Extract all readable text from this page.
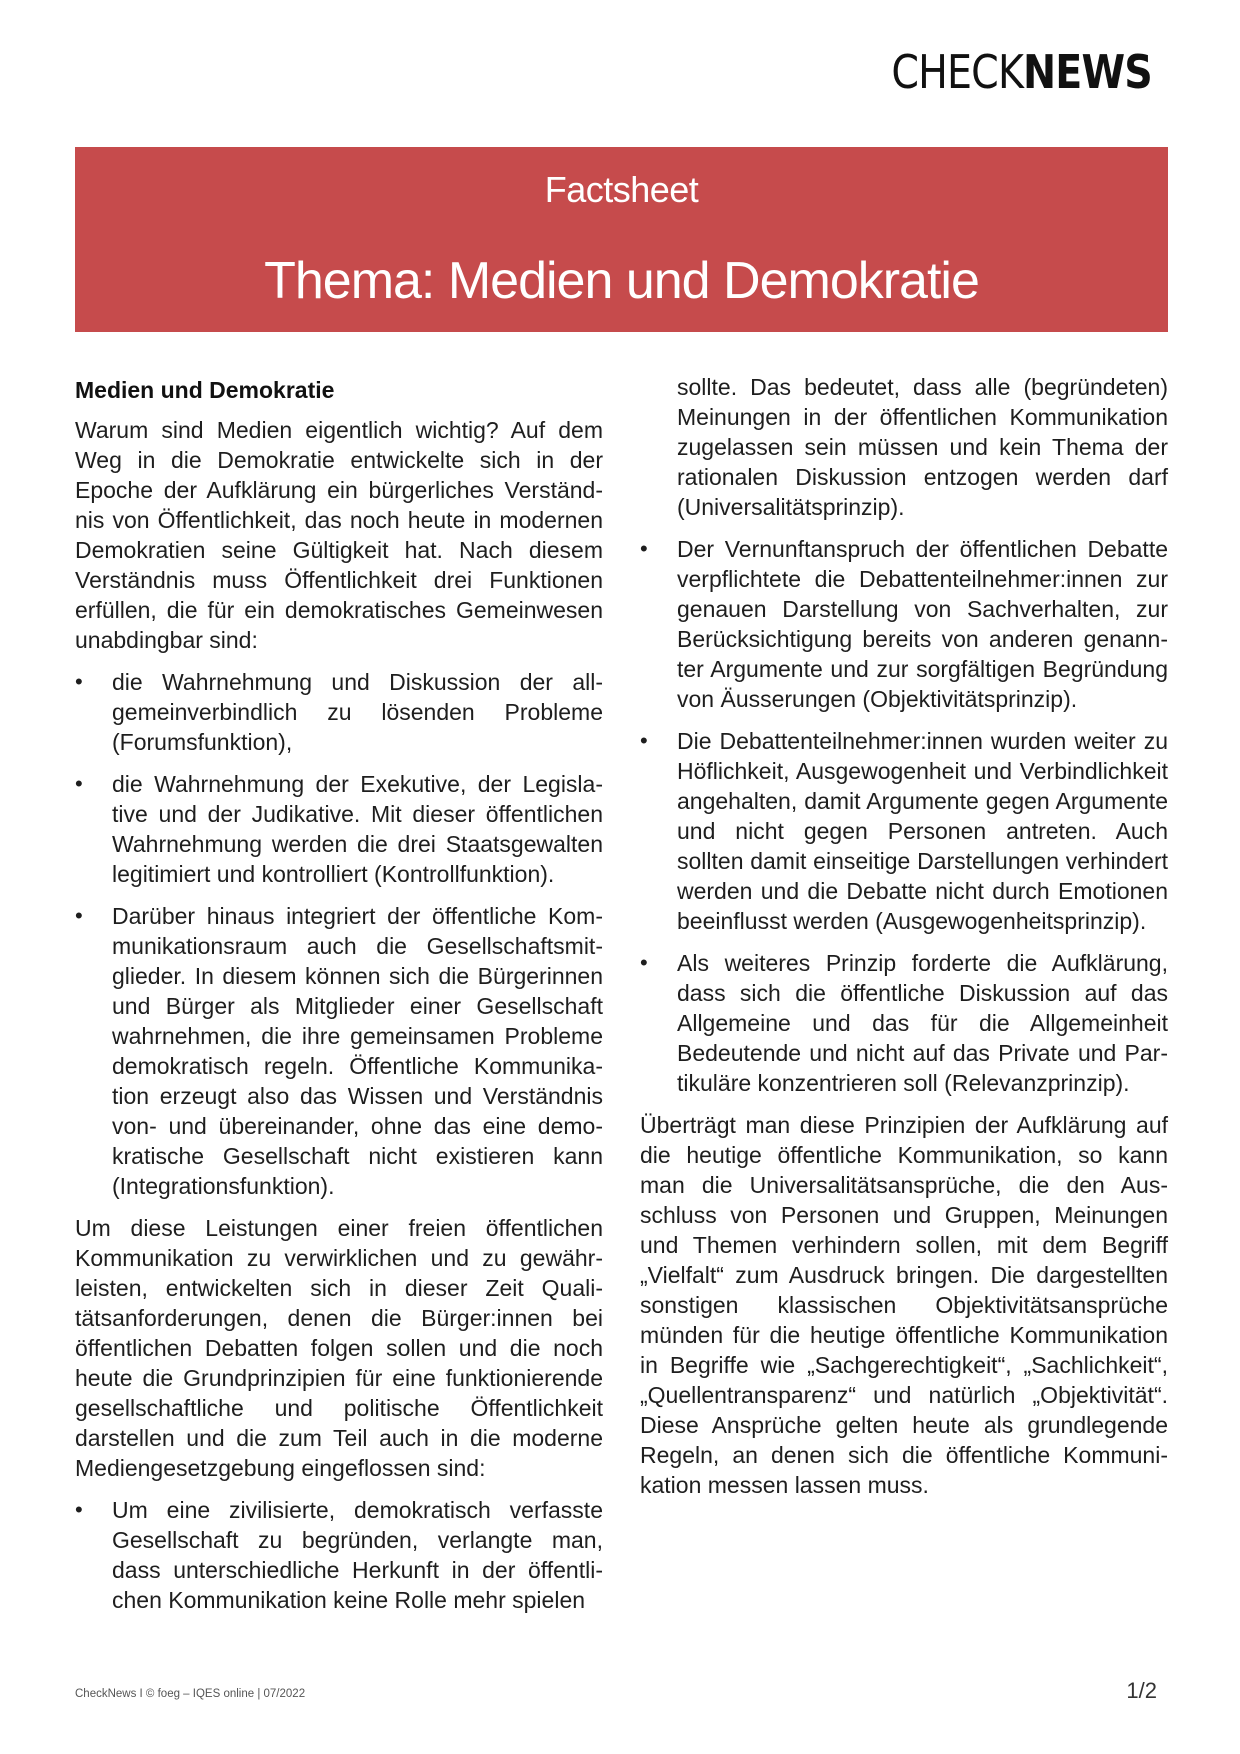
CHECKNEWS
Factsheet
Thema: Medien und Demokratie
Medien und Demokratie

Warum sind Medien eigentlich wichtig? Auf dem Weg in die Demokratie entwickelte sich in der Epoche der Aufklärung ein bürgerliches Verständnis von Öffentlichkeit, das noch heute in modernen Demokratien seine Gültigkeit hat. Nach diesem Verständnis muss Öffentlichkeit drei Funktionen erfüllen, die für ein demokratisches Gemeinwesen unabdingbar sind:

• die Wahrnehmung und Diskussion der allgemeinverbindlich zu lösenden Probleme (Forumsfunktion),
• die Wahrnehmung der Exekutive, der Legislative und der Judikative. Mit dieser öffentlichen Wahrnehmung werden die drei Staatsgewalten legitimiert und kontrolliert (Kontrollfunktion).
• Darüber hinaus integriert der öffentliche Kommunikationsraum auch die Gesellschaftsmitglieder. In diesem können sich die Bürgerinnen und Bürger als Mitglieder einer Gesellschaft wahrnehmen, die ihre gemeinsamen Probleme demokratisch regeln. Öffentliche Kommunikation erzeugt also das Wissen und Verständnis von- und übereinander, ohne das eine demokratische Gesellschaft nicht existieren kann (Integrationsfunktion).

Um diese Leistungen einer freien öffentlichen Kommunikation zu verwirklichen und zu gewährleisten, entwickelten sich in dieser Zeit Qualitätsanforderungen, denen die Bürger:innen bei öffentlichen Debatten folgen sollen und die noch heute die Grundprinzipien für eine funktionierende gesellschaftliche und politische Öffentlichkeit darstellen und die zum Teil auch in die moderne Mediengesetzgebung eingeflossen sind:

• Um eine zivilisierte, demokratisch verfasste Gesellschaft zu begründen, verlangte man, dass unterschiedliche Herkunft in der öffentlichen Kommunikation keine Rolle mehr spielen
sollte. Das bedeutet, dass alle (begründeten) Meinungen in der öffentlichen Kommunikation zugelassen sein müssen und kein Thema der rationalen Diskussion entzogen werden darf (Universalitätsprinzip).
• Der Vernunftanspruch der öffentlichen Debatte verpflichtete die Debattenteilnehmer:innen zur genauen Darstellung von Sachverhalten, zur Berücksichtigung bereits von anderen genannter Argumente und zur sorgfältigen Begründung von Äusserungen (Objektivitätsprinzip).
• Die Debattenteilnehmer:innen wurden weiter zu Höflichkeit, Ausgewogenheit und Verbindlichkeit angehalten, damit Argumente gegen Argumente und nicht gegen Personen antreten. Auch sollten damit einseitige Darstellungen verhindert werden und die Debatte nicht durch Emotionen beeinflusst werden (Ausgewogenheitsprinzip).
• Als weiteres Prinzip forderte die Aufklärung, dass sich die öffentliche Diskussion auf das Allgemeine und das für die Allgemeinheit Bedeutende und nicht auf das Private und Partikuläre konzentrieren soll (Relevanzprinzip).

Überträgt man diese Prinzipien der Aufklärung auf die heutige öffentliche Kommunikation, so kann man die Universalitätsansprüche, die den Ausschluss von Personen und Gruppen, Meinungen und Themen verhindern sollen, mit dem Begriff „Vielfalt“ zum Ausdruck bringen. Die dargestellten sonstigen klassischen Objektivitätsansprüche münden für die heutige öffentliche Kommunikation in Begriffe wie „Sachgerechtigkeit“, „Sachlichkeit“, „Quellentransparenz“ und natürlich „Objektivität“. Diese Ansprüche gelten heute als grundlegende Regeln, an denen sich die öffentliche Kommunikation messen lassen muss.

CheckNews I © foeg – IQES online | 07/2022	1/2
